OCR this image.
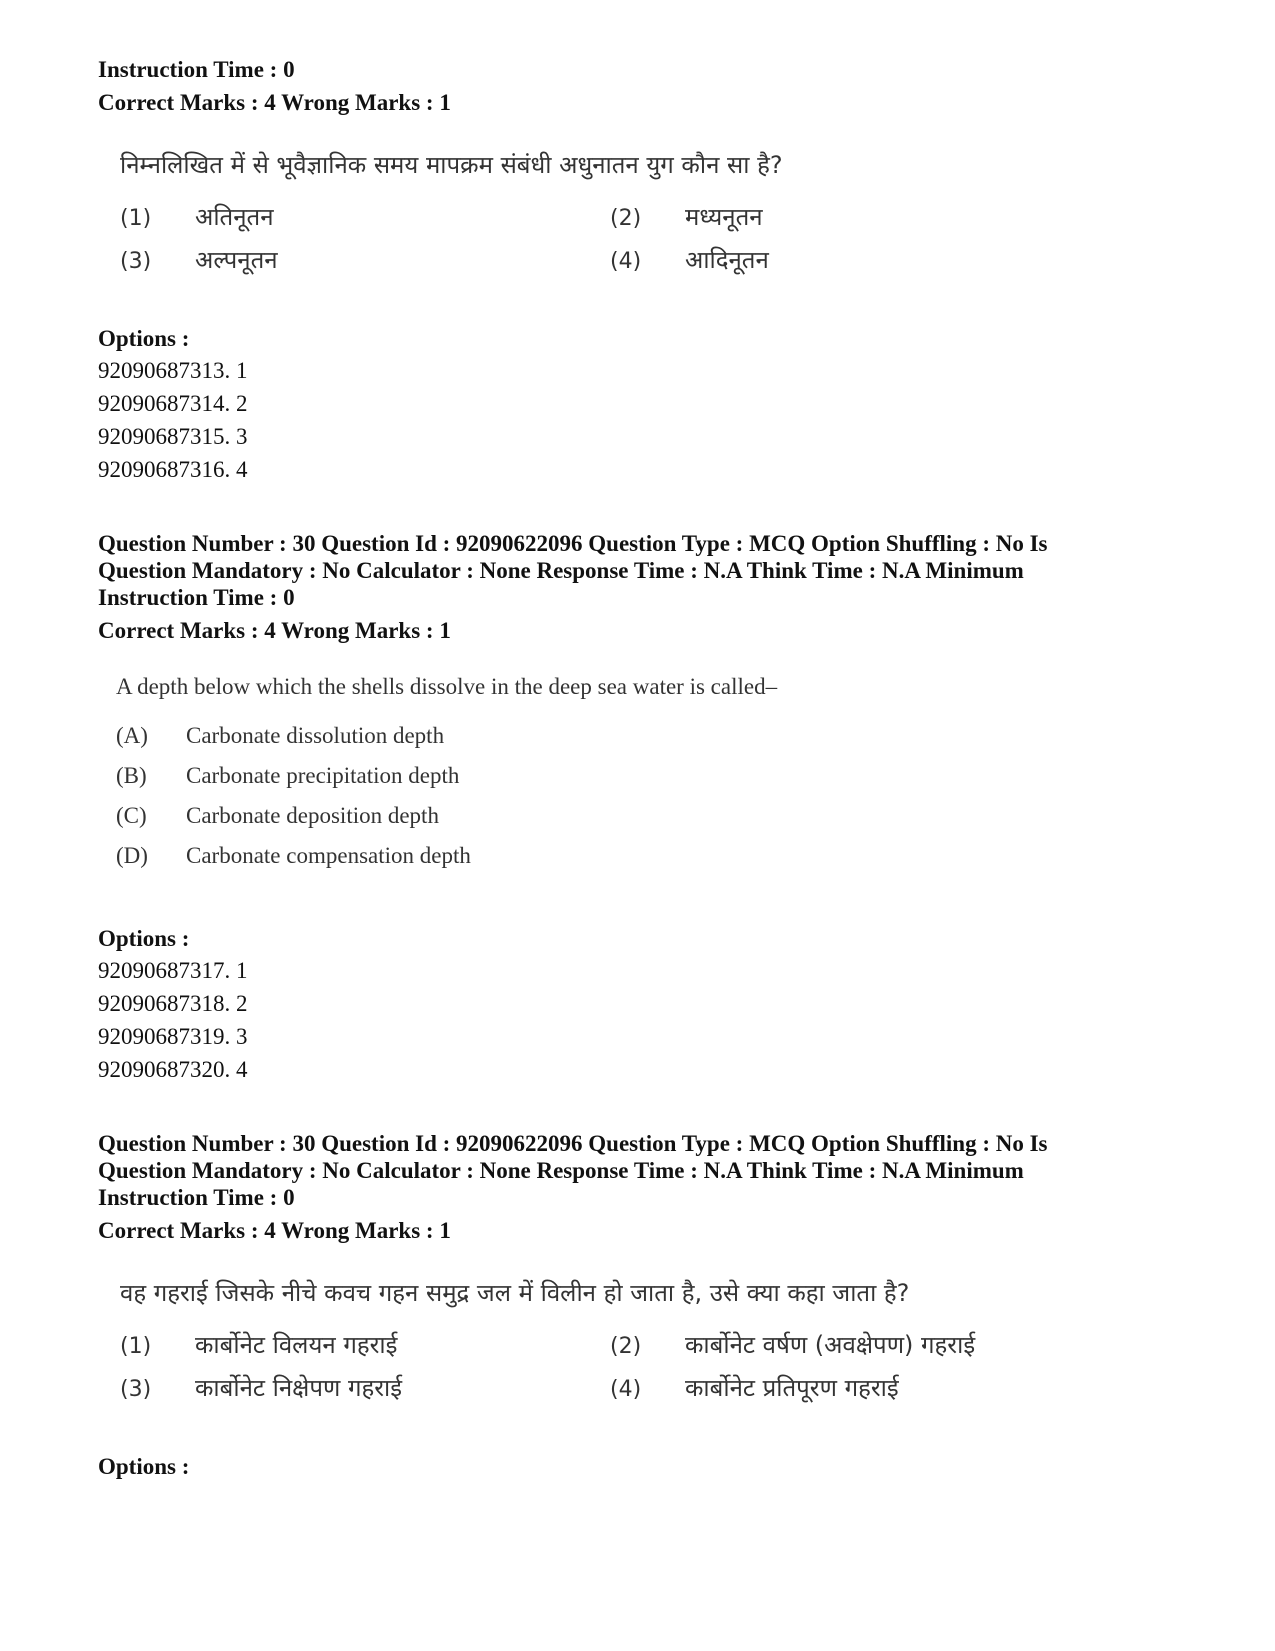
Instruction Time : 0

Correct Marks : 4 Wrong Marks : 1

निम्नलिखित में से भूवैज्ञानिक समय मापक्रम संबंधी अधुनातन युग कौन सा है?
(1)	अतिनूतन	(2)	मध्यनूतन
(3)	अल्पनूतन	(4)	आदिनूतन
Options :
92090687313. 1
92090687314. 2
92090687315. 3
92090687316. 4

Question Number : 30 Question Id : 92090622096 Question Type : MCQ Option Shuffling : No Is

Question Mandatory : No Calculator : None Response Time : N.A Think Time : N.A Minimum

Instruction Time : 0

Correct Marks : 4 Wrong Marks : 1

A depth below which the shells dissolve in the deep sea water is called–
(A)	Carbonate dissolution depth
(B)	Carbonate precipitation depth
(C)	Carbonate deposition depth
(D)	Carbonate compensation depth
Options :
92090687317. 1
92090687318. 2
92090687319. 3
92090687320. 4

Question Number : 30 Question Id : 92090622096 Question Type : MCQ Option Shuffling : No Is

Question Mandatory : No Calculator : None Response Time : N.A Think Time : N.A Minimum

Instruction Time : 0

Correct Marks : 4 Wrong Marks : 1

वह गहराई जिसके नीचे कवच गहन समुद्र जल में विलीन हो जाता है, उसे क्या कहा जाता है?
(1)	कार्बोनेट विलयन गहराई	(2)	कार्बोनेट वर्षण (अवक्षेपण) गहराई
(3)	कार्बोनेट निक्षेपण गहराई	(4)	कार्बोनेट प्रतिपूरण गहराई
Options :
